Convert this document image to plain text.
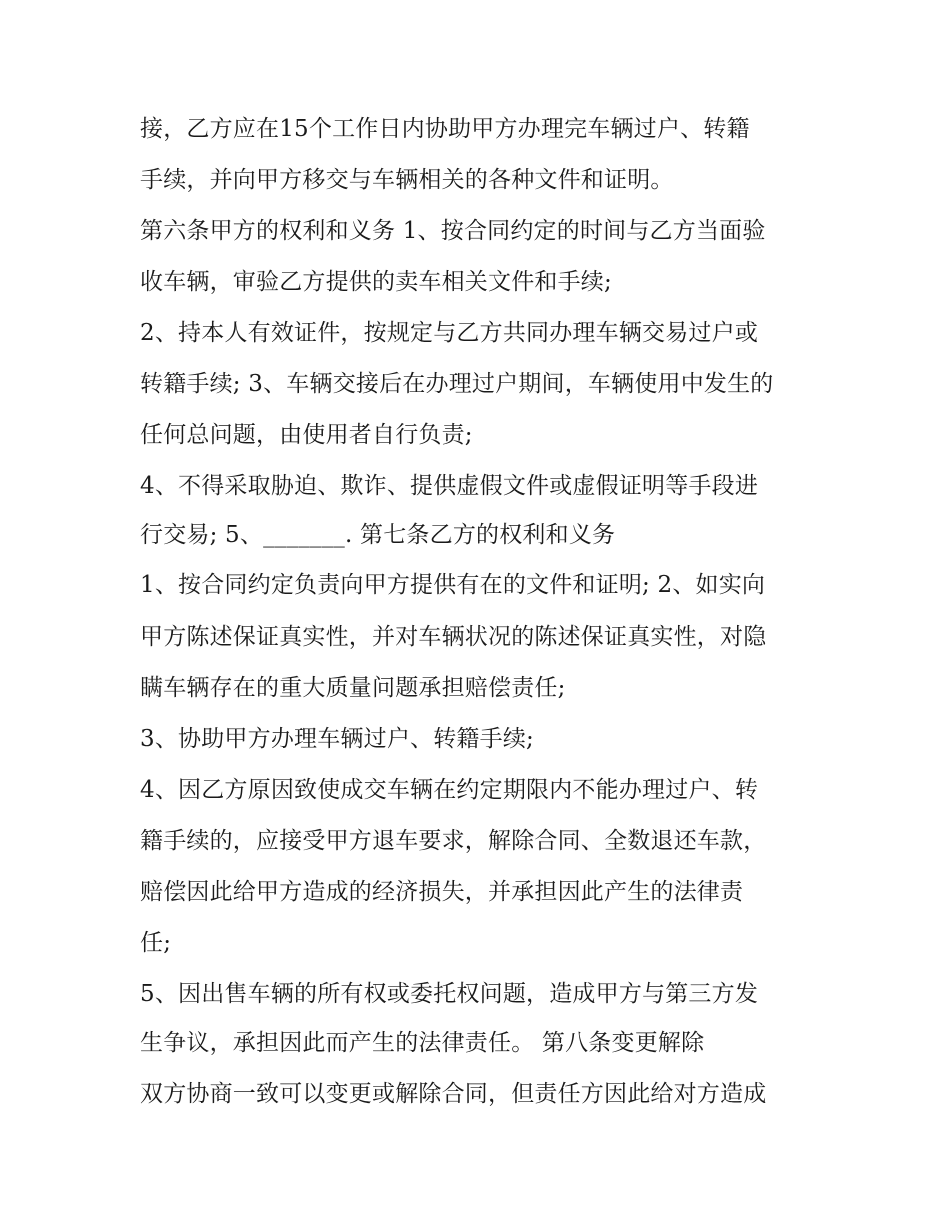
接，乙方应在15个工作日内协助甲方办理完车辆过户、转籍
手续，并向甲方移交与车辆相关的各种文件和证明。
第六条甲方的权利和义务 1、按合同约定的时间与乙方当面验
收车辆，审验乙方提供的卖车相关文件和手续;
2、持本人有效证件，按规定与乙方共同办理车辆交易过户或
转籍手续; 3、车辆交接后在办理过户期间，车辆使用中发生的
任何总问题，由使用者自行负责;
4、不得采取胁迫、欺诈、提供虚假文件或虚假证明等手段进
行交易; 5、_______. 第七条乙方的权利和义务
1、按合同约定负责向甲方提供有在的文件和证明; 2、如实向
甲方陈述保证真实性，并对车辆状况的陈述保证真实性，对隐
瞒车辆存在的重大质量问题承担赔偿责任;
3、协助甲方办理车辆过户、转籍手续;
4、因乙方原因致使成交车辆在约定期限内不能办理过户、转
籍手续的，应接受甲方退车要求，解除合同、全数退还车款，
赔偿因此给甲方造成的经济损失，并承担因此产生的法律责
任;
5、因出售车辆的所有权或委托权问题，造成甲方与第三方发
生争议，承担因此而产生的法律责任。 第八条变更解除
双方协商一致可以变更或解除合同，但责任方因此给对方造成
